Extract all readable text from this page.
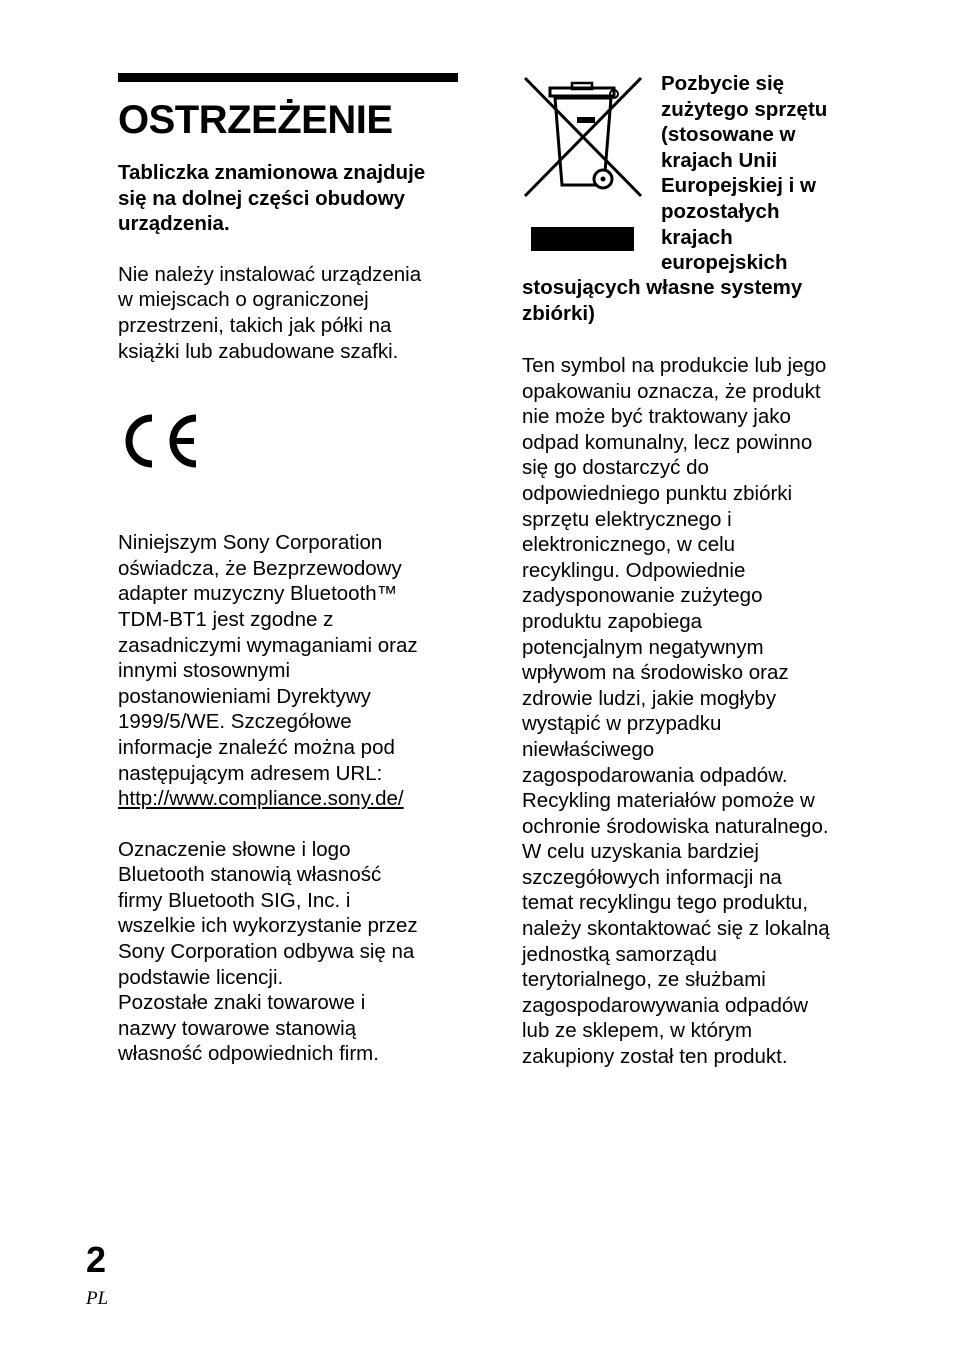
OSTRZEŻENIE

Tabliczka znamionowa znajduje
się na dolnej części obudowy
urządzenia.

Nie należy instalować urządzenia
w miejscach o ograniczonej
przestrzeni, takich jak półki na
książki lub zabudowane szafki.

Niniejszym Sony Corporation
oświadcza, że Bezprzewodowy
adapter muzyczny Bluetooth™
TDM-BT1 jest zgodne z
zasadniczymi wymaganiami oraz
innymi stosownymi
postanowieniami Dyrektywy
1999/5/WE. Szczegółowe
informacje znaleźć można pod
następującym adresem URL:

http://www.compliance.sony.de/

Oznaczenie słowne i logo
Bluetooth stanowią własność
firmy Bluetooth SIG, Inc. i
wszelkie ich wykorzystanie przez
Sony Corporation odbywa się na
podstawie licencji.
Pozostałe znaki towarowe i
nazwy towarowe stanowią
własność odpowiednich firm.

Pozbycie się
zużytego sprzętu
(stosowane w
krajach Unii
Europejskiej i w
pozostałych
krajach
europejskich

stosujących własne systemy
zbiórki)

Ten symbol na produkcie lub jego
opakowaniu oznacza, że produkt
nie może być traktowany jako
odpad komunalny, lecz powinno
się go dostarczyć do
odpowiedniego punktu zbiórki
sprzętu elektrycznego i
elektronicznego, w celu
recyklingu. Odpowiednie
zadysponowanie zużytego
produktu zapobiega
potencjalnym negatywnym
wpływom na środowisko oraz
zdrowie ludzi, jakie mogłyby
wystąpić w przypadku
niewłaściwego
zagospodarowania odpadów.
Recykling materiałów pomoże w
ochronie środowiska naturalnego.
W celu uzyskania bardziej
szczegółowych informacji na
temat recyklingu tego produktu,
należy skontaktować się z lokalną
jednostką samorządu
terytorialnego, ze służbami
zagospodarowywania odpadów
lub ze sklepem, w którym
zakupiony został ten produkt.

2
PL
